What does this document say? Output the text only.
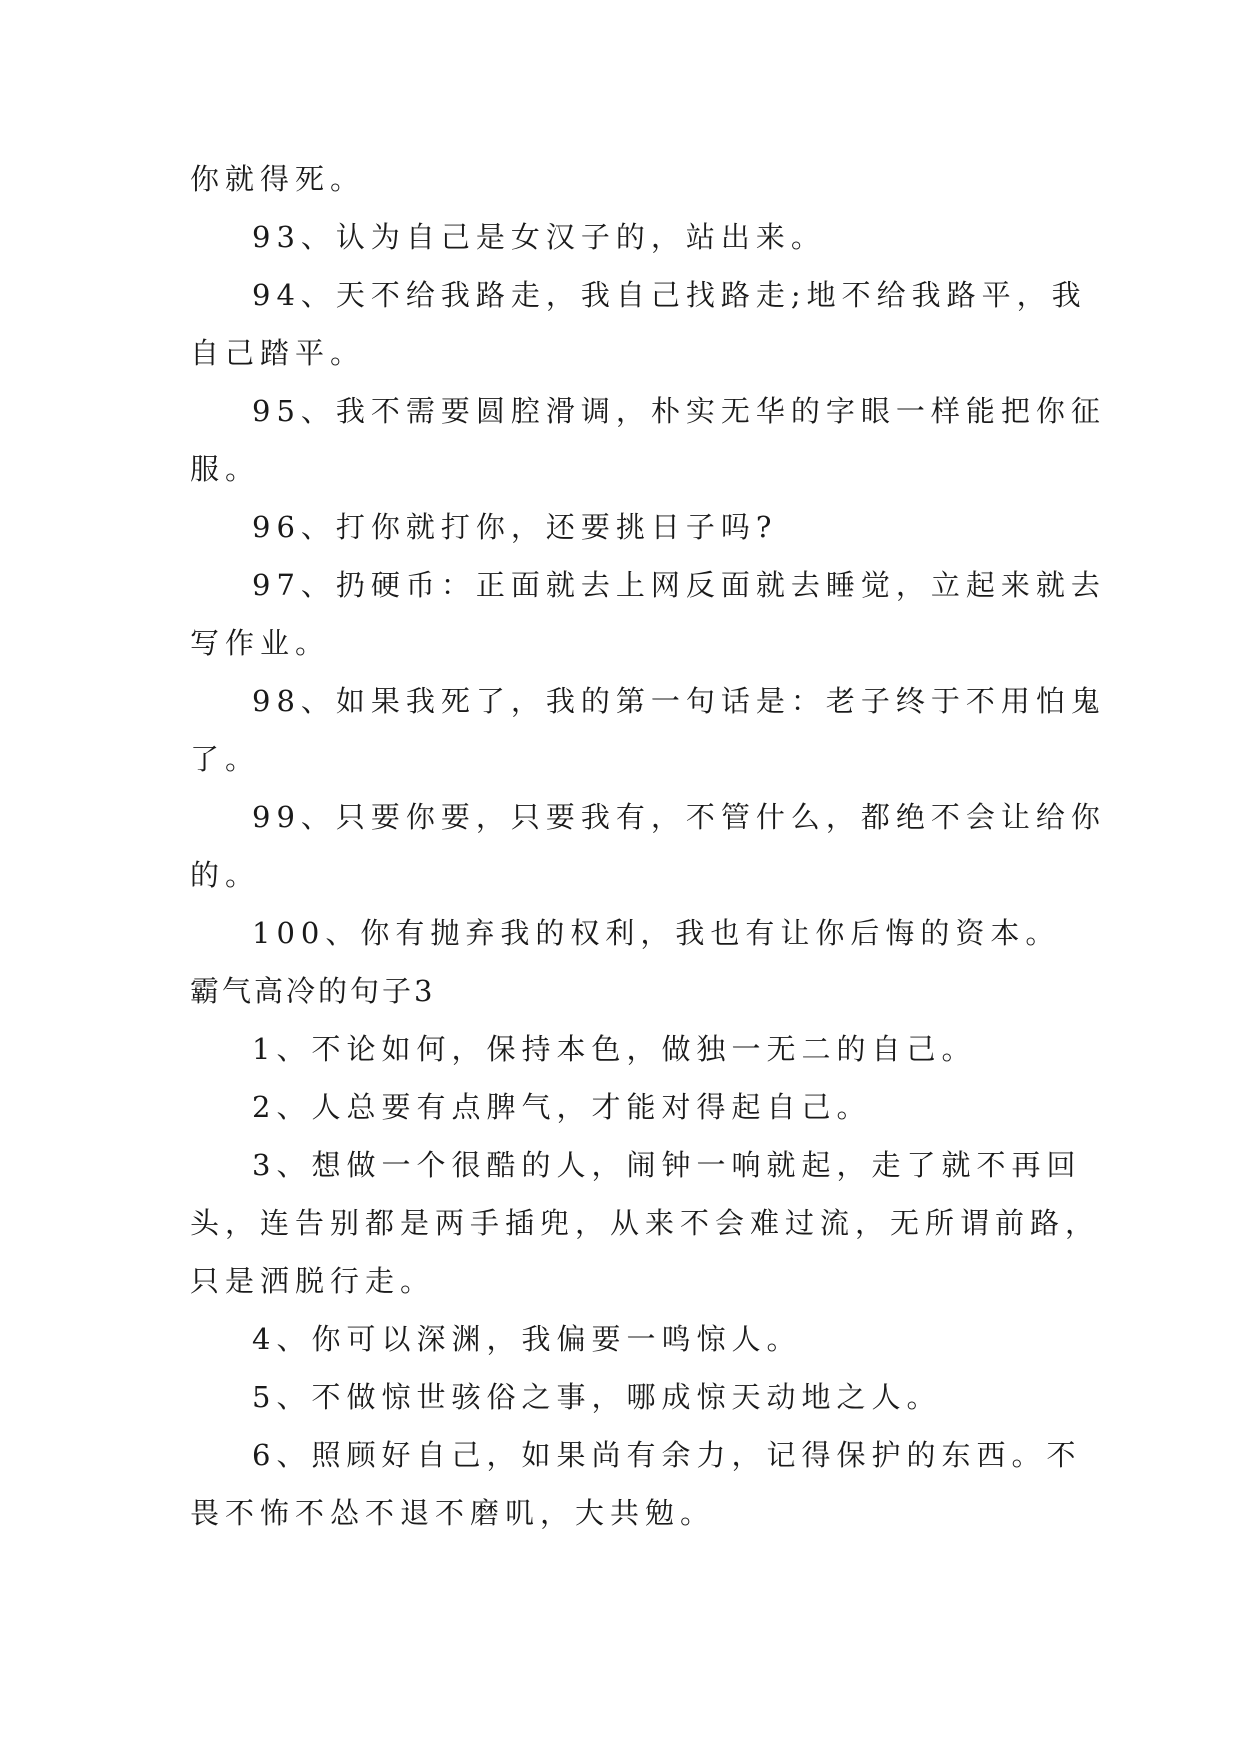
你就得死。
93、认为自己是女汉子的，站出来。
94、天不给我路走，我自己找路走;地不给我路平，我
自己踏平。
95、我不需要圆腔滑调，朴实无华的字眼一样能把你征
服。
96、打你就打你，还要挑日子吗?
97、扔硬币：正面就去上网反面就去睡觉，立起来就去
写作业。
98、如果我死了，我的第一句话是：老子终于不用怕鬼
了。
99、只要你要，只要我有，不管什么，都绝不会让给你
的。
100、你有抛弃我的权利，我也有让你后悔的资本。
霸气高冷的句子3
1、不论如何，保持本色，做独一无二的自己。
2、人总要有点脾气，才能对得起自己。
3、想做一个很酷的人，闹钟一响就起，走了就不再回
头，连告别都是两手插兜，从来不会难过流，无所谓前路，
只是洒脱行走。
4、你可以深渊，我偏要一鸣惊人。
5、不做惊世骇俗之事，哪成惊天动地之人。
6、照顾好自己，如果尚有余力，记得保护的东西。不
畏不怖不怂不退不磨叽，大共勉。
